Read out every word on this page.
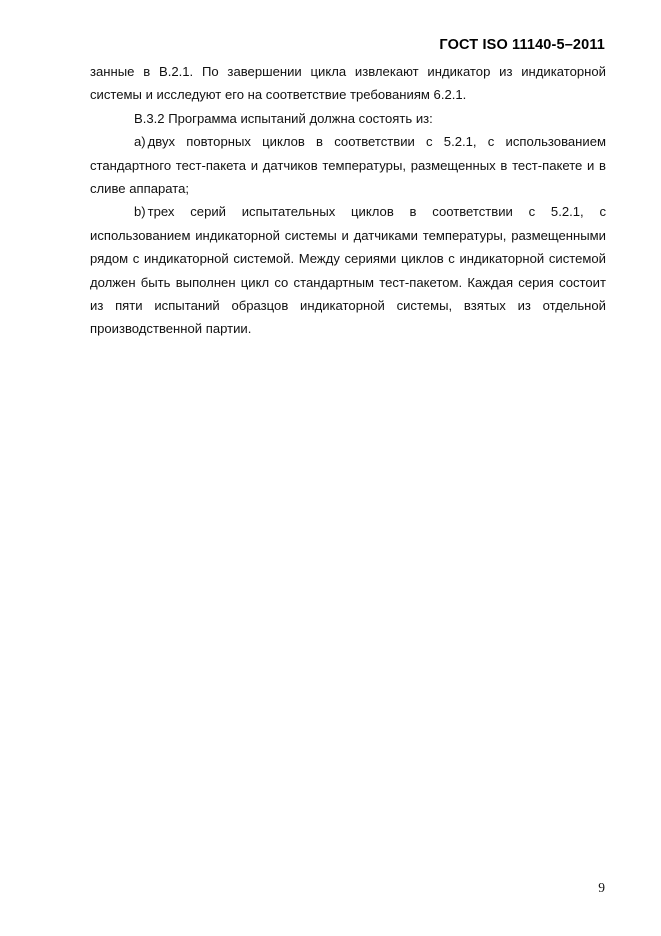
ГОСТ ISO 11140-5–2011

занные в В.2.1. По завершении цикла извлекают индикатор из индикаторной системы и исследуют его на соответствие требованиям 6.2.1.

В.3.2 Программа испытаний должна состоять из:

a) двух повторных циклов в соответствии с 5.2.1, с использованием стандартного тест-пакета и датчиков температуры, размещенных в тест-пакете и в сливе аппарата;

b) трех серий испытательных циклов в соответствии с 5.2.1, с использованием индикаторной системы и датчиками температуры, размещенными рядом с индикаторной системой. Между сериями циклов с индикаторной системой должен быть выполнен цикл со стандартным тест-пакетом. Каждая серия состоит из пяти испытаний образцов индикаторной системы, взятых из отдельной производственной партии.

9
